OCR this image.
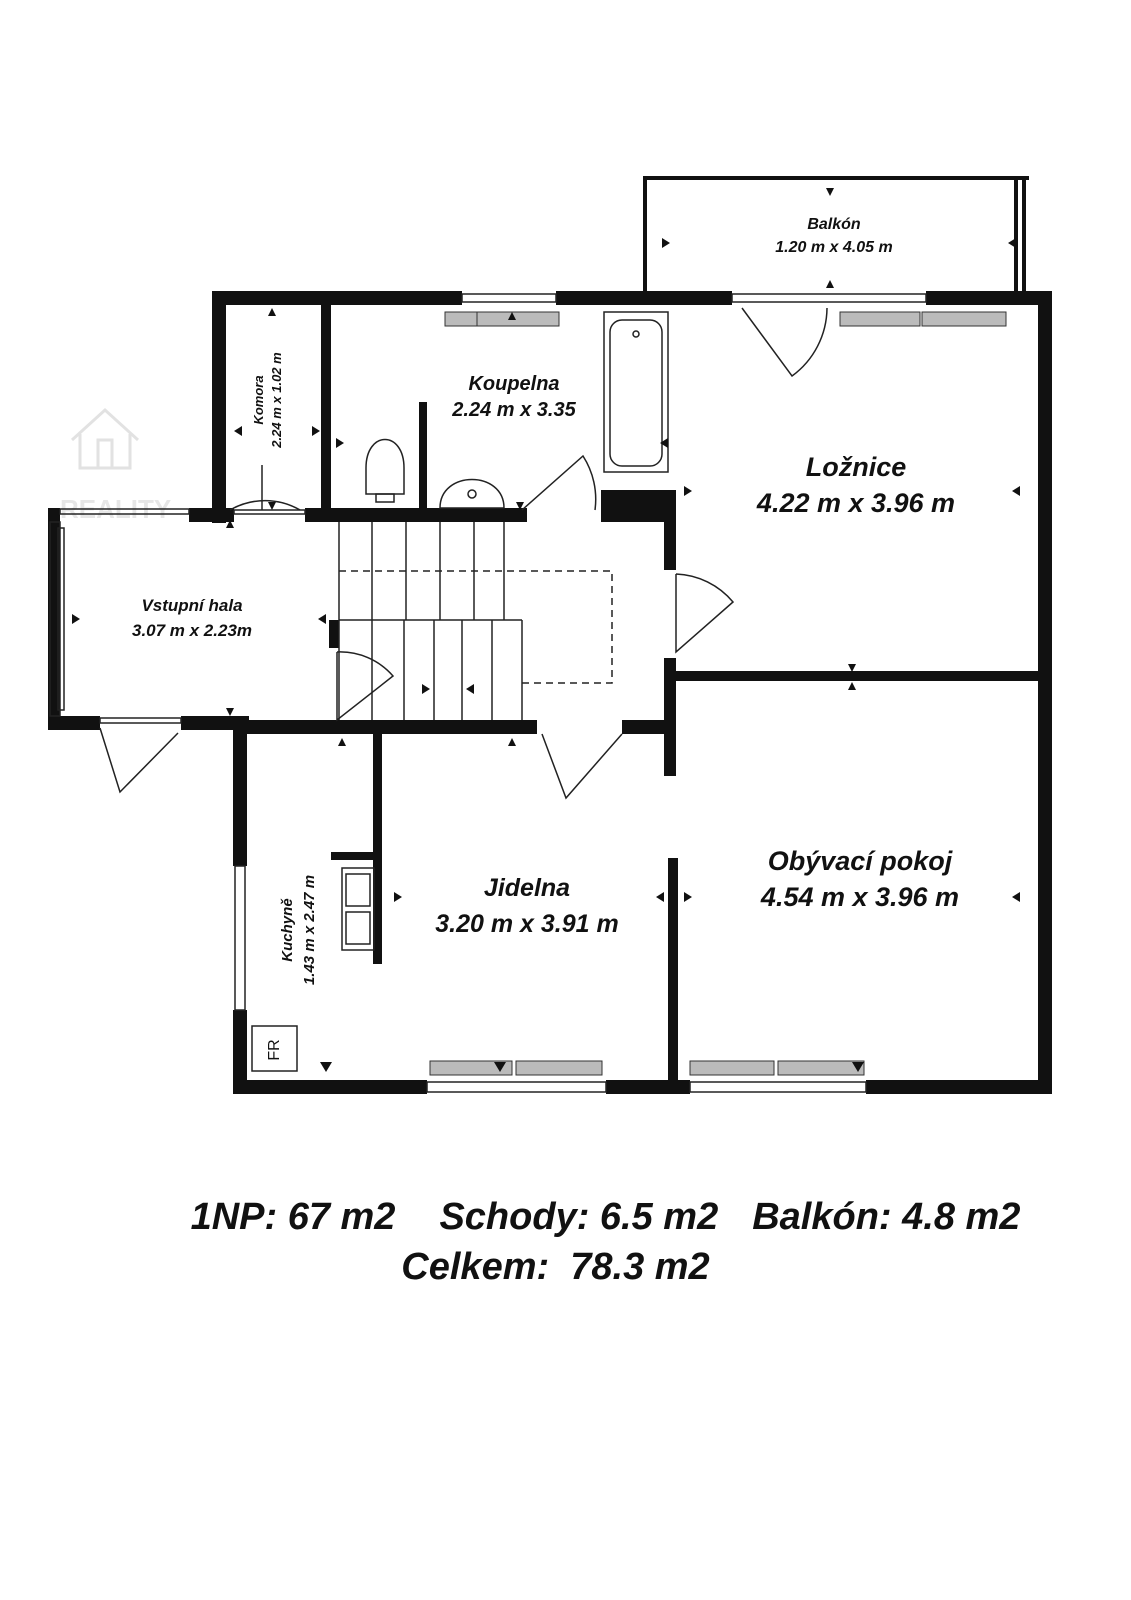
REALITY
FR
Balkón
1.20 m x 4.05 m
Komora 2.24 m x 1.02 m	Koupelna
2.24 m x 3.35
Ložnice
4.22 m x 3.96 m
Vstupní hala
3.07 m x 2.23m
Jidelna
3.20 m x 3.91 m
Obývací pokoj
4.54 m x 3.96 m
Kuchyně 1.43 m x 2.47 m
1NP: 67 m2 Schody: 6.5 m2 Balkón: 4.8 m2
Celkem:  78.3 m2
